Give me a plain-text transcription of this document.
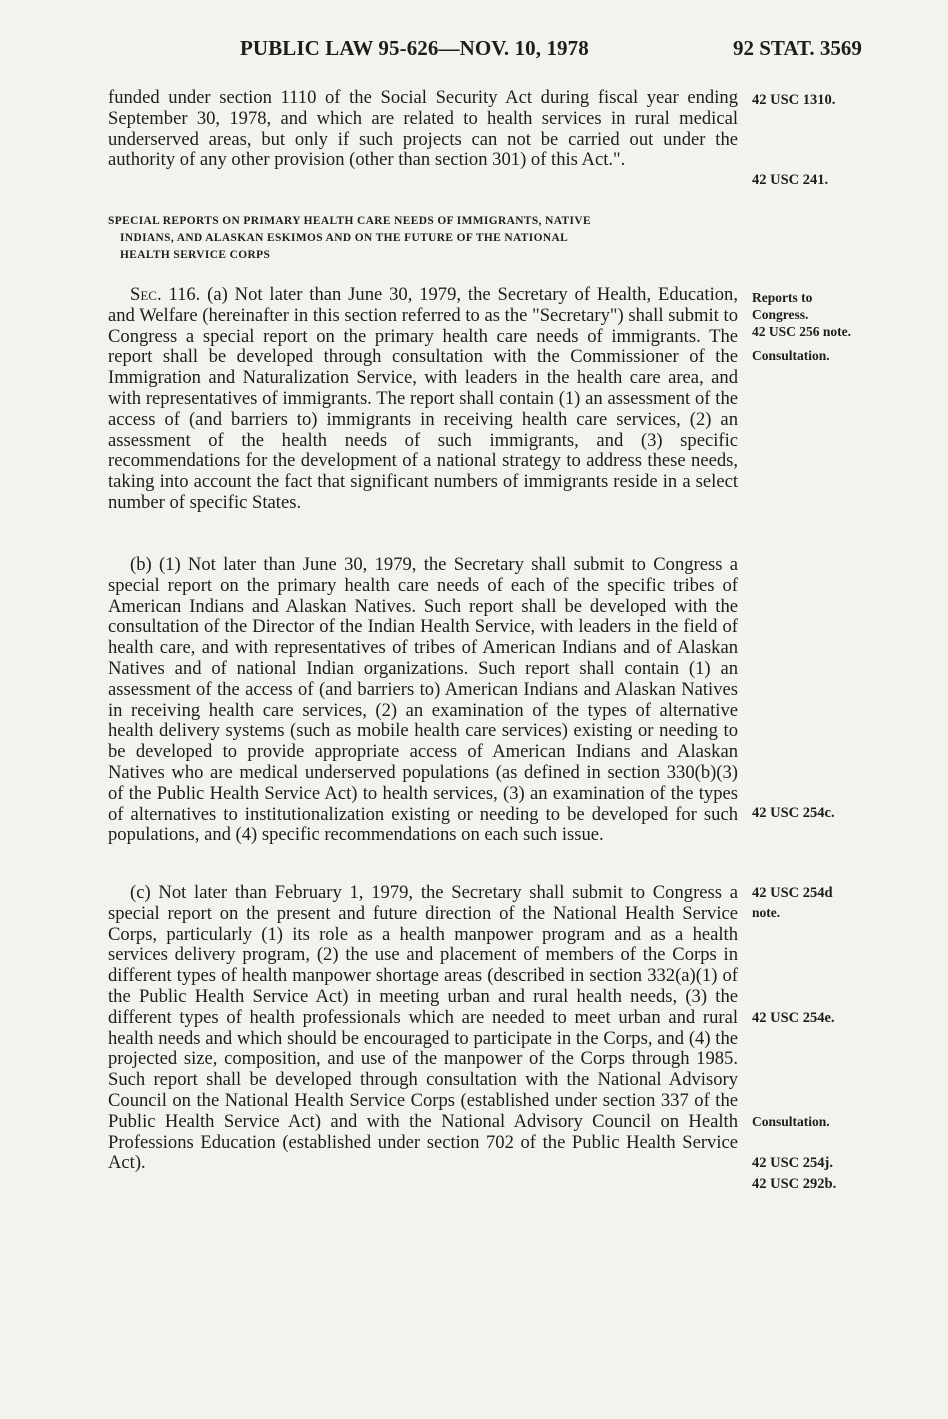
PUBLIC LAW 95-626—NOV. 10, 1978	92 STAT. 3569
funded under section 1110 of the Social Security Act during fiscal year ending September 30, 1978, and which are related to health services in rural medical underserved areas, but only if such projects can not be carried out under the authority of any other provision (other than section 301) of this Act.".
SPECIAL REPORTS ON PRIMARY HEALTH CARE NEEDS OF IMMIGRANTS, NATIVE
INDIANS, AND ALASKAN ESKIMOS AND ON THE FUTURE OF THE NATIONAL
HEALTH SERVICE CORPS
Sec. 116. (a) Not later than June 30, 1979, the Secretary of Health, Education, and Welfare (hereinafter in this section referred to as the "Secretary") shall submit to Congress a special report on the primary health care needs of immigrants. The report shall be developed through consultation with the Commissioner of the Immigration and Naturalization Service, with leaders in the health care area, and with representatives of immigrants. The report shall contain (1) an assessment of the access of (and barriers to) immigrants in receiving health care services, (2) an assessment of the health needs of such immigrants, and (3) specific recommendations for the development of a national strategy to address these needs, taking into account the fact that significant numbers of immigrants reside in a select number of specific States.
(b) (1) Not later than June 30, 1979, the Secretary shall submit to Congress a special report on the primary health care needs of each of the specific tribes of American Indians and Alaskan Natives. Such report shall be developed with the consultation of the Director of the Indian Health Service, with leaders in the field of health care, and with representatives of tribes of American Indians and of Alaskan Natives and of national Indian organizations. Such report shall contain (1) an assessment of the access of (and barriers to) American Indians and Alaskan Natives in receiving health care services, (2) an examination of the types of alternative health delivery systems (such as mobile health care services) existing or needing to be developed to provide appropriate access of American Indians and Alaskan Natives who are medical underserved populations (as defined in section 330(b)(3) of the Public Health Service Act) to health services, (3) an examination of the types of alternatives to institutionalization existing or needing to be developed for such populations, and (4) specific recommendations on each such issue.
(c) Not later than February 1, 1979, the Secretary shall submit to Congress a special report on the present and future direction of the National Health Service Corps, particularly (1) its role as a health manpower program and as a health services delivery program, (2) the use and placement of members of the Corps in different types of health manpower shortage areas (described in section 332(a)(1) of the Public Health Service Act) in meeting urban and rural health needs, (3) the different types of health professionals which are needed to meet urban and rural health needs and which should be encouraged to participate in the Corps, and (4) the projected size, composition, and use of the manpower of the Corps through 1985. Such report shall be developed through consultation with the National Advisory Council on the National Health Service Corps (established under section 337 of the Public Health Service Act) and with the National Advisory Council on Health Professions Education (established under section 702 of the Public Health Service Act).
42 USC 1310.
42 USC 241.
Reports to
Congress.
42 USC 256 note.
Consultation.
42 USC 254c.
42 USC 254d
note.
42 USC 254e.
Consultation.
42 USC 254j.
42 USC 292b.
